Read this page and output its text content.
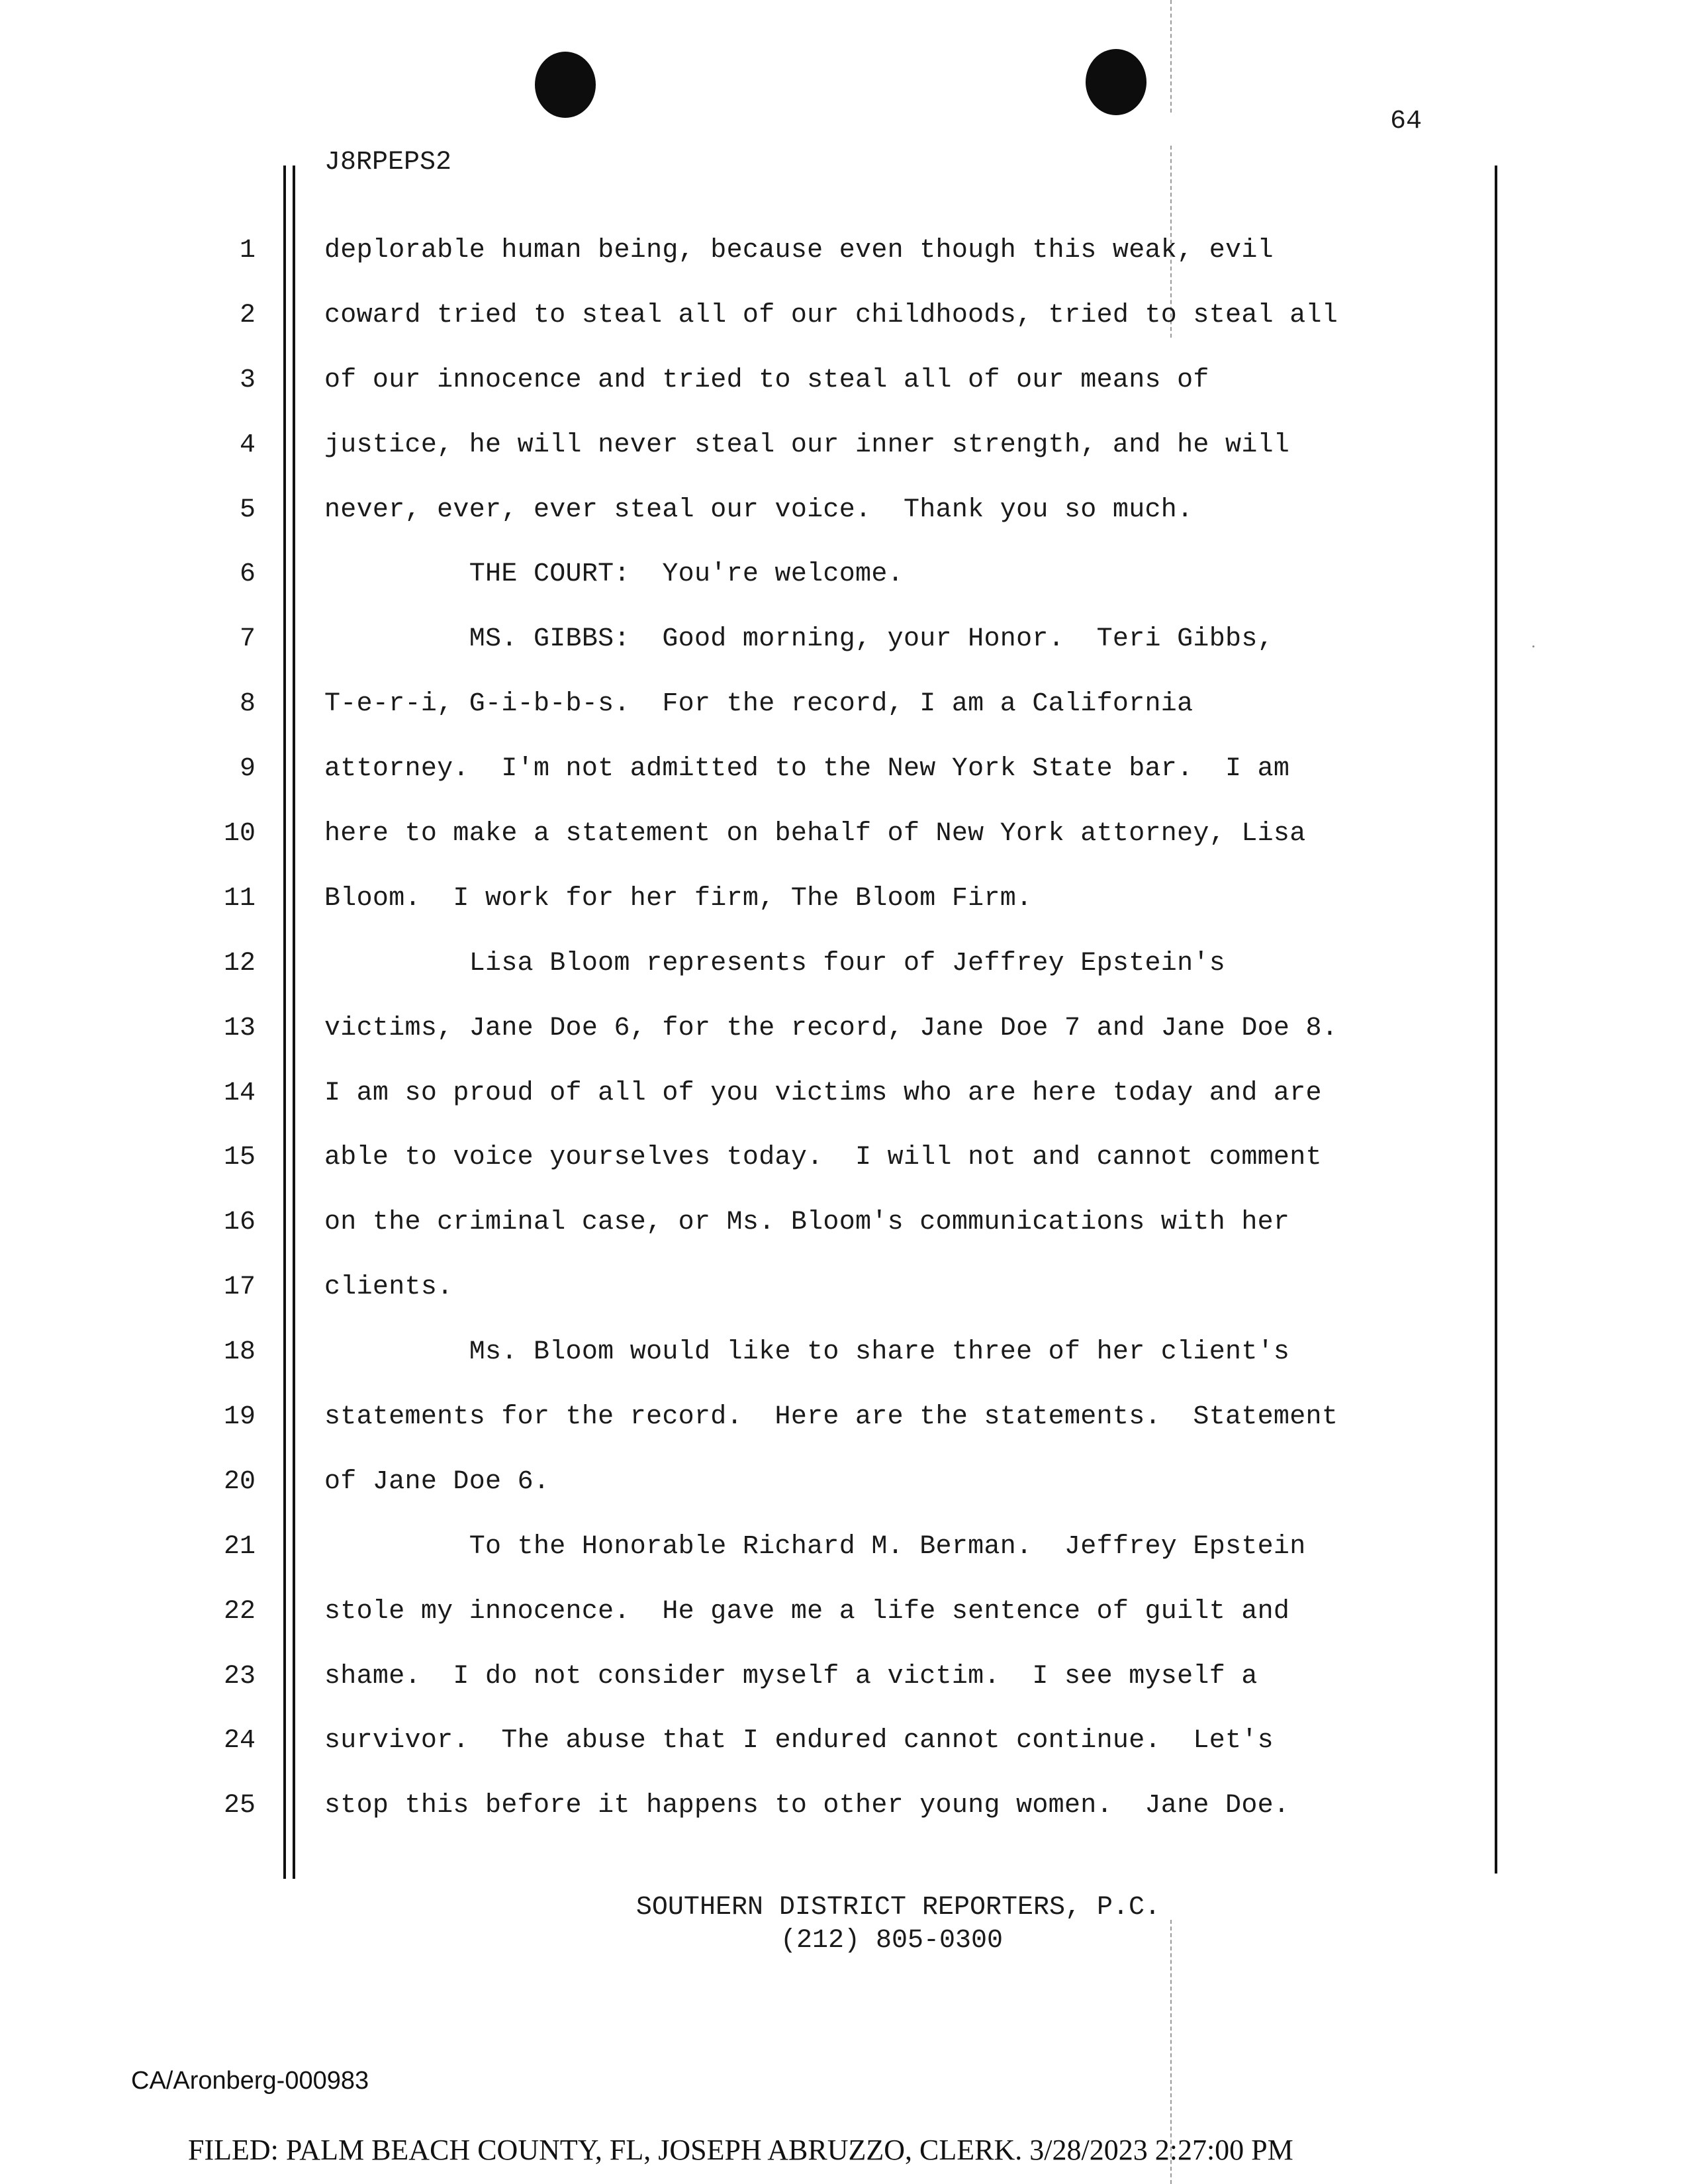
64
J8RPEPS2
1	deplorable human being, because even though this weak, evil
2	coward tried to steal all of our childhoods, tried to steal all
3	of our innocence and tried to steal all of our means of
4	justice, he will never steal our inner strength, and he will
5	never, ever, ever steal our voice.  Thank you so much.
6	THE COURT:  You're welcome.
7	MS. GIBBS:  Good morning, your Honor.  Teri Gibbs,
8	T-e-r-i, G-i-b-b-s.  For the record, I am a California
9	attorney.  I'm not admitted to the New York State bar.  I am
10	here to make a statement on behalf of New York attorney, Lisa
11	Bloom.  I work for her firm, The Bloom Firm.
12	Lisa Bloom represents four of Jeffrey Epstein's
13	victims, Jane Doe 6, for the record, Jane Doe 7 and Jane Doe 8.
14	I am so proud of all of you victims who are here today and are
15	able to voice yourselves today.  I will not and cannot comment
16	on the criminal case, or Ms. Bloom's communications with her
17	clients.
18	Ms. Bloom would like to share three of her client's
19	statements for the record.  Here are the statements.  Statement
20	of Jane Doe 6.
21	To the Honorable Richard M. Berman.  Jeffrey Epstein
22	stole my innocence.  He gave me a life sentence of guilt and
23	shame.  I do not consider myself a victim.  I see myself a
24	survivor.  The abuse that I endured cannot continue.  Let's
25	stop this before it happens to other young women.  Jane Doe.
SOUTHERN DISTRICT REPORTERS, P.C.
(212) 805-0300
CA/Aronberg-000983
FILED: PALM BEACH COUNTY, FL, JOSEPH ABRUZZO, CLERK. 3/28/2023 2:27:00 PM
